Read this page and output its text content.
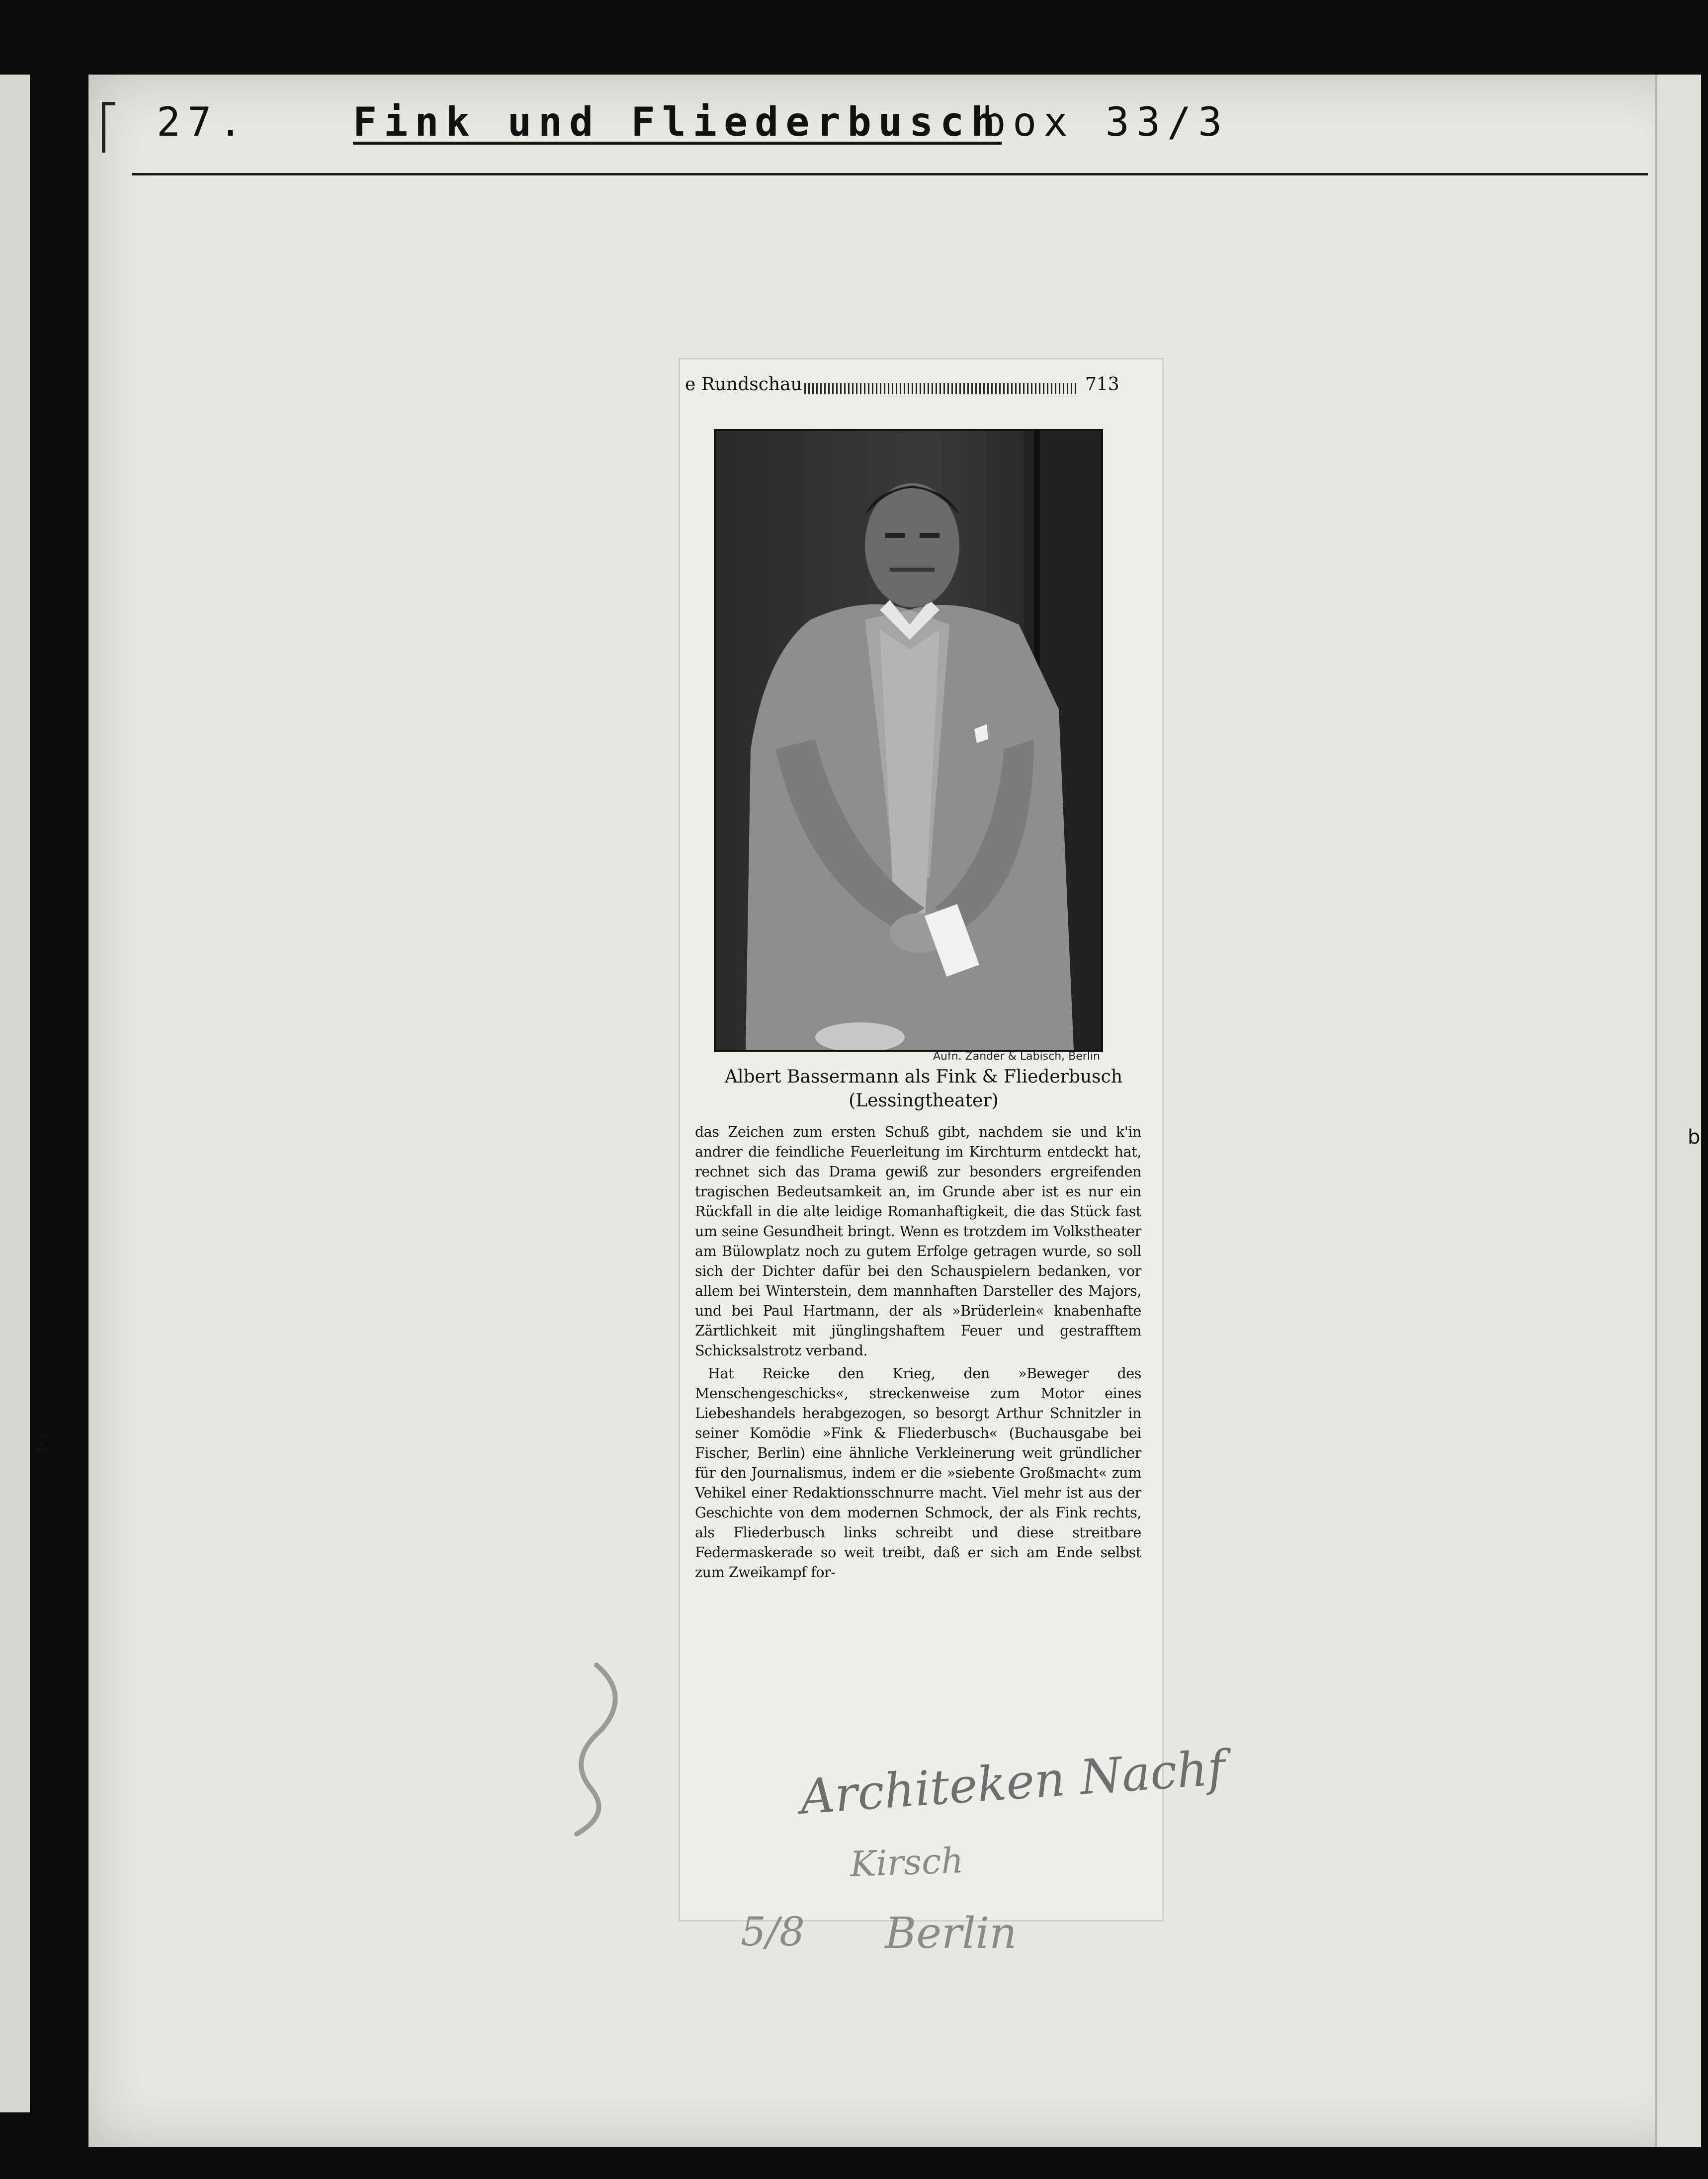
27.	Fink und Fliederbusch
box 33/3
e Rundschau	713
Aufn. Zander & Labisch, Berlin
Albert Bassermann als Fink & Fliederbusch
(Lessingtheater)

das Zeichen zum ersten Schuß gibt, nachdem sie und k'in andrer die feindliche Feuerleitung im Kirchturm entdeckt hat, rechnet sich das Drama gewiß zur besonders ergreifenden tragischen Bedeutsamkeit an, im Grunde aber ist es nur ein Rückfall in die alte leidige Romanhaftigkeit, die das Stück fast um seine Gesundheit bringt. Wenn es trotzdem im Volkstheater am Bülowplatz noch zu gutem Erfolge getragen wurde, so soll sich der Dichter dafür bei den Schauspielern bedanken, vor allem bei Winterstein, dem mannhaften Darsteller des Majors, und bei Paul Hartmann, der als »Brüderlein« knabenhafte Zärtlichkeit mit jünglingshaftem Feuer und gestrafftem Schicksalstrotz verband.

Hat Reicke den Krieg, den »Beweger des Menschengeschicks«, streckenweise zum Motor eines Liebeshandels herabgezogen, so besorgt Arthur Schnitzler in seiner Komödie »Fink & Fliederbusch« (Buchausgabe bei Fischer, Berlin) eine ähnliche Verkleinerung weit gründlicher für den Journalismus, indem er die »siebente Großmacht« zum Vehikel einer Redaktionsschnurre macht. Viel mehr ist aus der Geschichte von dem modernen Schmock, der als Fink rechts, als Fliederbusch links schreibt und diese streitbare Federmaskerade so weit treibt, daß er sich am Ende selbst zum Zweikampf for-

Architeken Nachf
Kirsch
5/8 Berlin
Z
b
